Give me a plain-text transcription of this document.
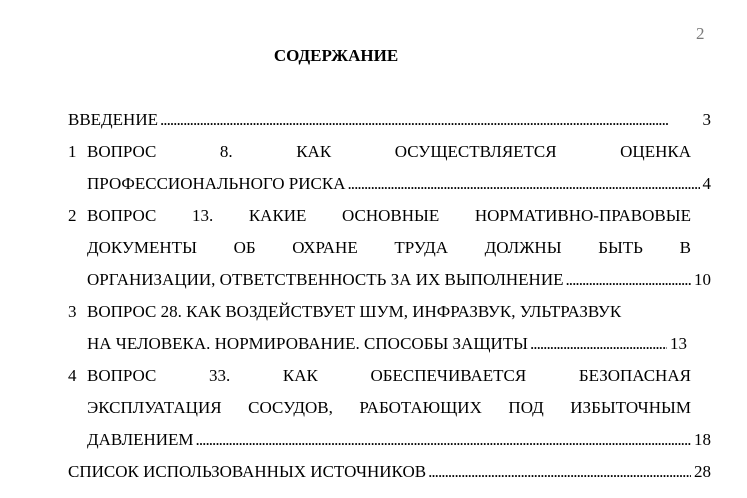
2
СОДЕРЖАНИЕ
ВВЕДЕНИЕ . . .	3
1 ВОПРОС	8.	КАК	ОСУЩЕСТВЛЯЕТСЯ	ОЦЕНКА
ПРОФЕССИОНАЛЬНОГО РИСКА . . .	4
2 ВОПРОС 13. КАКИЕ ОСНОВНЫЕ НОРМАТИВНО-ПРАВОВЫЕ
ДОКУМЕНТЫ ОБ ОХРАНЕ ТРУДА ДОЛЖНЫ БЫТЬ В
ОРГАНИЗАЦИИ, ОТВЕТСТВЕННОСТЬ ЗА ИХ ВЫПОЛНЕНИЕ . . .	10
3 ВОПРОС 28. КАК ВОЗДЕЙСТВУЕТ ШУМ, ИНФРАЗВУК, УЛЬТРАЗВУК
НА ЧЕЛОВЕКА. НОРМИРОВАНИЕ. СПОСОБЫ ЗАЩИТЫ . . .	13
4 ВОПРОС	33.	КАК	ОБЕСПЕЧИВАЕТСЯ	БЕЗОПАСНАЯ
ЭКСПЛУАТАЦИЯ СОСУДОВ, РАБОТАЮЩИХ ПОД ИЗБЫТОЧНЫМ
ДАВЛЕНИЕМ . . .	18
СПИСОК ИСПОЛЬЗОВАННЫХ ИСТОЧНИКОВ . . .	28
